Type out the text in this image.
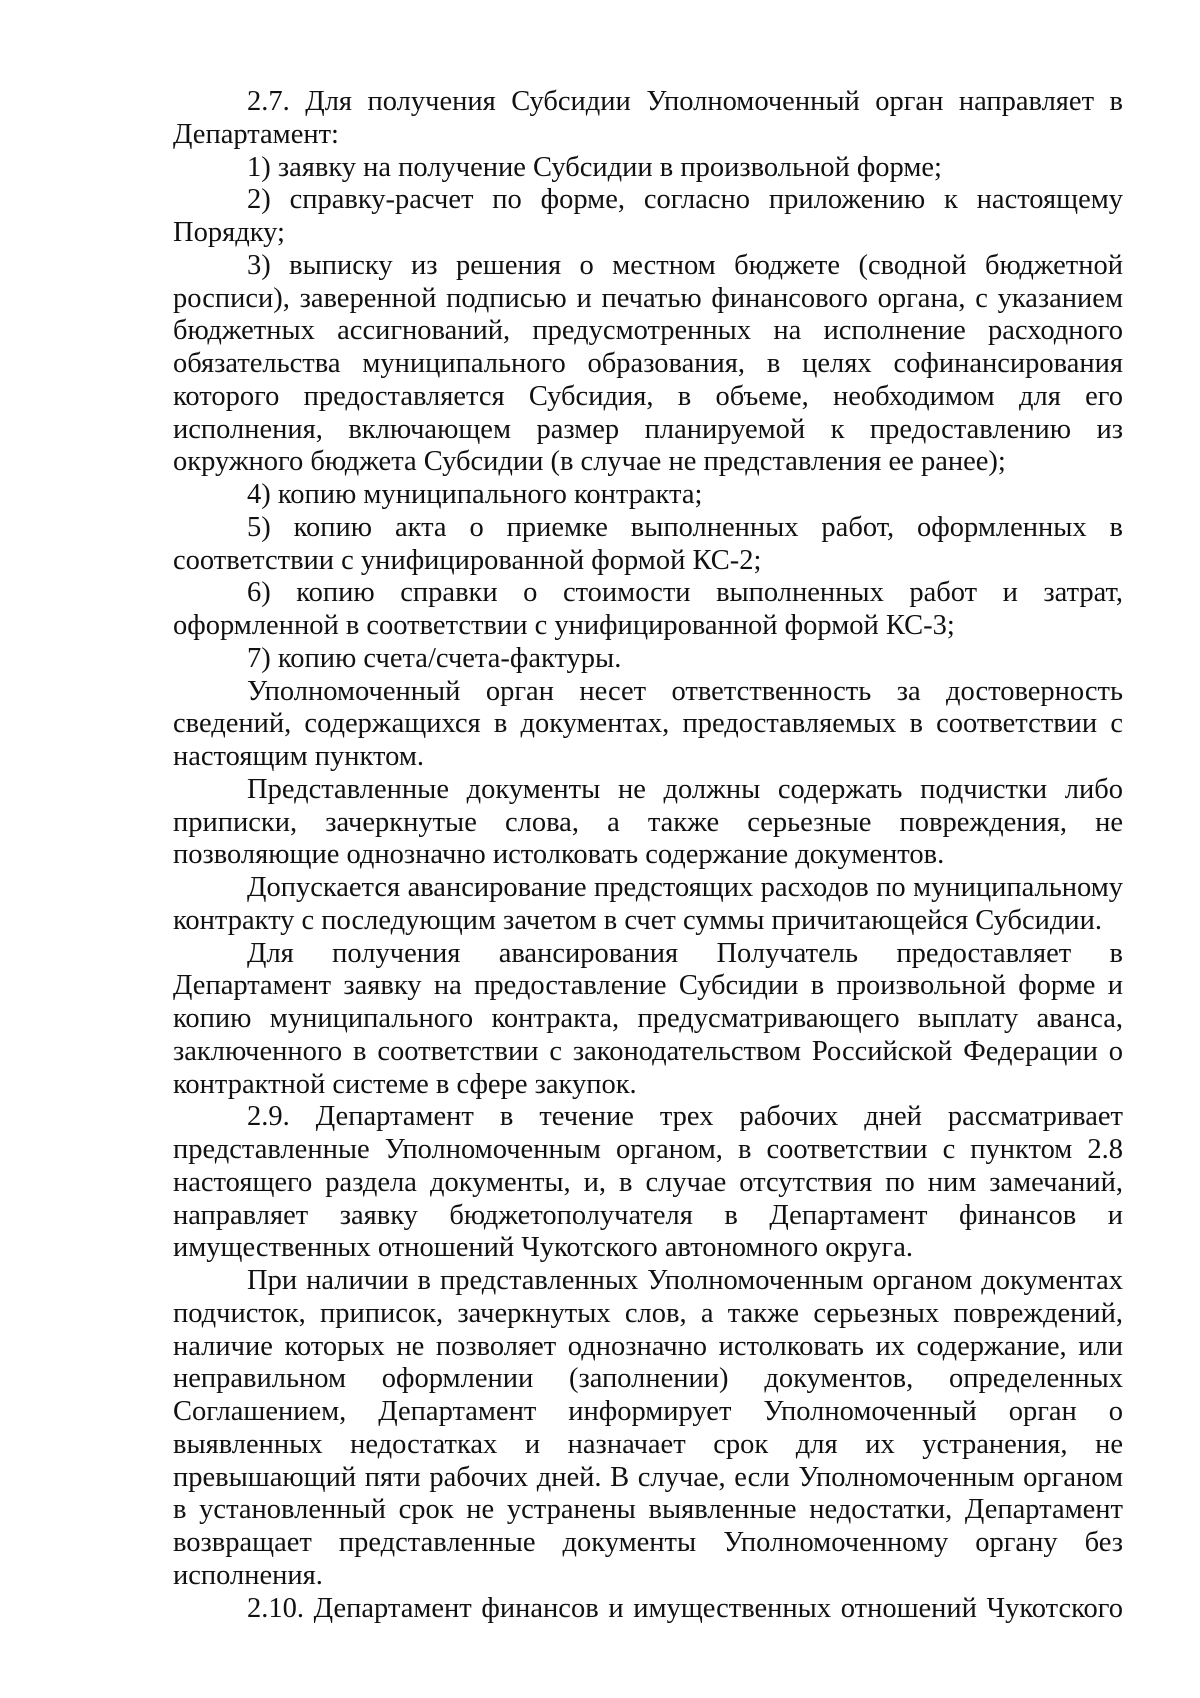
2.7. Для получения Субсидии Уполномоченный орган направляет в
Департамент:
1) заявку на получение Субсидии в произвольной форме;
2) справку-расчет по форме, согласно приложению к настоящему
Порядку;
3) выписку из решения о местном бюджете (сводной бюджетной
росписи), заверенной подписью и печатью финансового органа, с указанием
бюджетных ассигнований, предусмотренных на исполнение расходного
обязательства муниципального образования, в целях софинансирования
которого предоставляется Субсидия, в объеме, необходимом для его
исполнения, включающем размер планируемой к предоставлению из
окружного бюджета Субсидии (в случае не представления ее ранее);
4) копию муниципального контракта;
5) копию акта о приемке выполненных работ, оформленных в
соответствии с унифицированной формой КС-2;
6) копию справки о стоимости выполненных работ и затрат,
оформленной в соответствии с унифицированной формой КС-3;
7) копию счета/счета-фактуры.
Уполномоченный орган несет ответственность за достоверность
сведений, содержащихся в документах, предоставляемых в соответствии с
настоящим пунктом.
Представленные документы не должны содержать подчистки либо
приписки, зачеркнутые слова, а также серьезные повреждения, не
позволяющие однозначно истолковать содержание документов.
Допускается авансирование предстоящих расходов по муниципальному
контракту с последующим зачетом в счет суммы причитающейся Субсидии.
Для получения авансирования Получатель предоставляет в
Департамент заявку на предоставление Субсидии в произвольной форме и
копию муниципального контракта, предусматривающего выплату аванса,
заключенного в соответствии с законодательством Российской Федерации о
контрактной системе в сфере закупок.
2.9. Департамент в течение трех рабочих дней рассматривает
представленные Уполномоченным органом, в соответствии с пунктом 2.8
настоящего раздела документы, и, в случае отсутствия по ним замечаний,
направляет заявку бюджетополучателя в Департамент финансов и
имущественных отношений Чукотского автономного округа.
При наличии в представленных Уполномоченным органом документах
подчисток, приписок, зачеркнутых слов, а также серьезных повреждений,
наличие которых не позволяет однозначно истолковать их содержание, или
неправильном оформлении (заполнении) документов, определенных
Соглашением, Департамент информирует Уполномоченный орган о
выявленных недостатках и назначает срок для их устранения, не
превышающий пяти рабочих дней. В случае, если Уполномоченным органом
в установленный срок не устранены выявленные недостатки, Департамент
возвращает представленные документы Уполномоченному органу без
исполнения.
2.10. Департамент финансов и имущественных отношений Чукотского
